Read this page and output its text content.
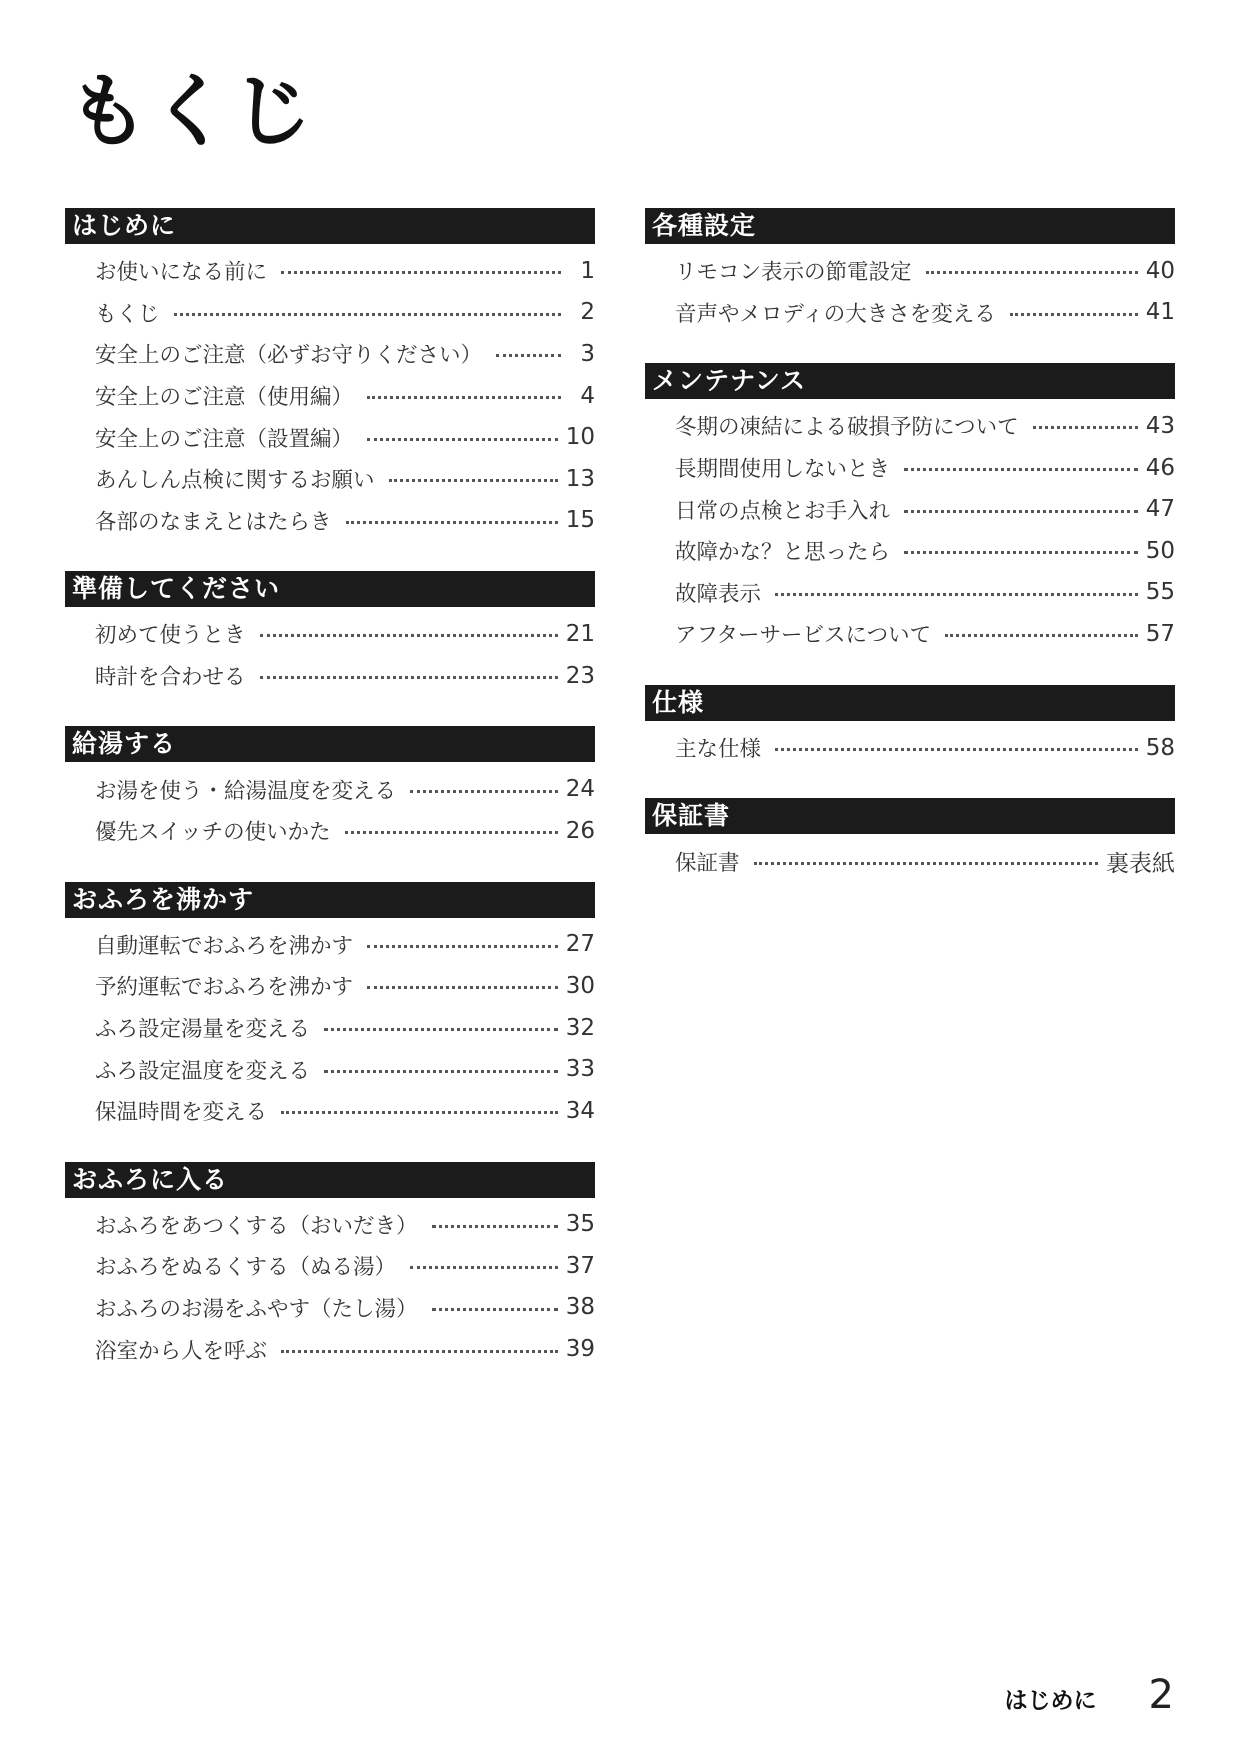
もくじ
はじめに
お使いになる前に	1
もくじ	2
安全上のご注意（必ずお守りください）	3
安全上のご注意（使用編）	4
安全上のご注意（設置編）	10
あんしん点検に関するお願い	13
各部のなまえとはたらき	15
準備してください
初めて使うとき	21
時計を合わせる	23
給湯する
お湯を使う・給湯温度を変える	24
優先スイッチの使いかた	26
おふろを沸かす
自動運転でおふろを沸かす	27
予約運転でおふろを沸かす	30
ふろ設定湯量を変える	32
ふろ設定温度を変える	33
保温時間を変える	34
おふろに入る
おふろをあつくする（おいだき）	35
おふろをぬるくする（ぬる湯）	37
おふろのお湯をふやす（たし湯）	38
浴室から人を呼ぶ	39
各種設定
リモコン表示の節電設定	40
音声やメロディの大きさを変える	41
メンテナンス
冬期の凍結による破損予防について	43
長期間使用しないとき	46
日常の点検とお手入れ	47
故障かな？と思ったら	50
故障表示	55
アフターサービスについて	57
仕様
主な仕様	58
保証書
保証書	裏表紙
はじめに 2
